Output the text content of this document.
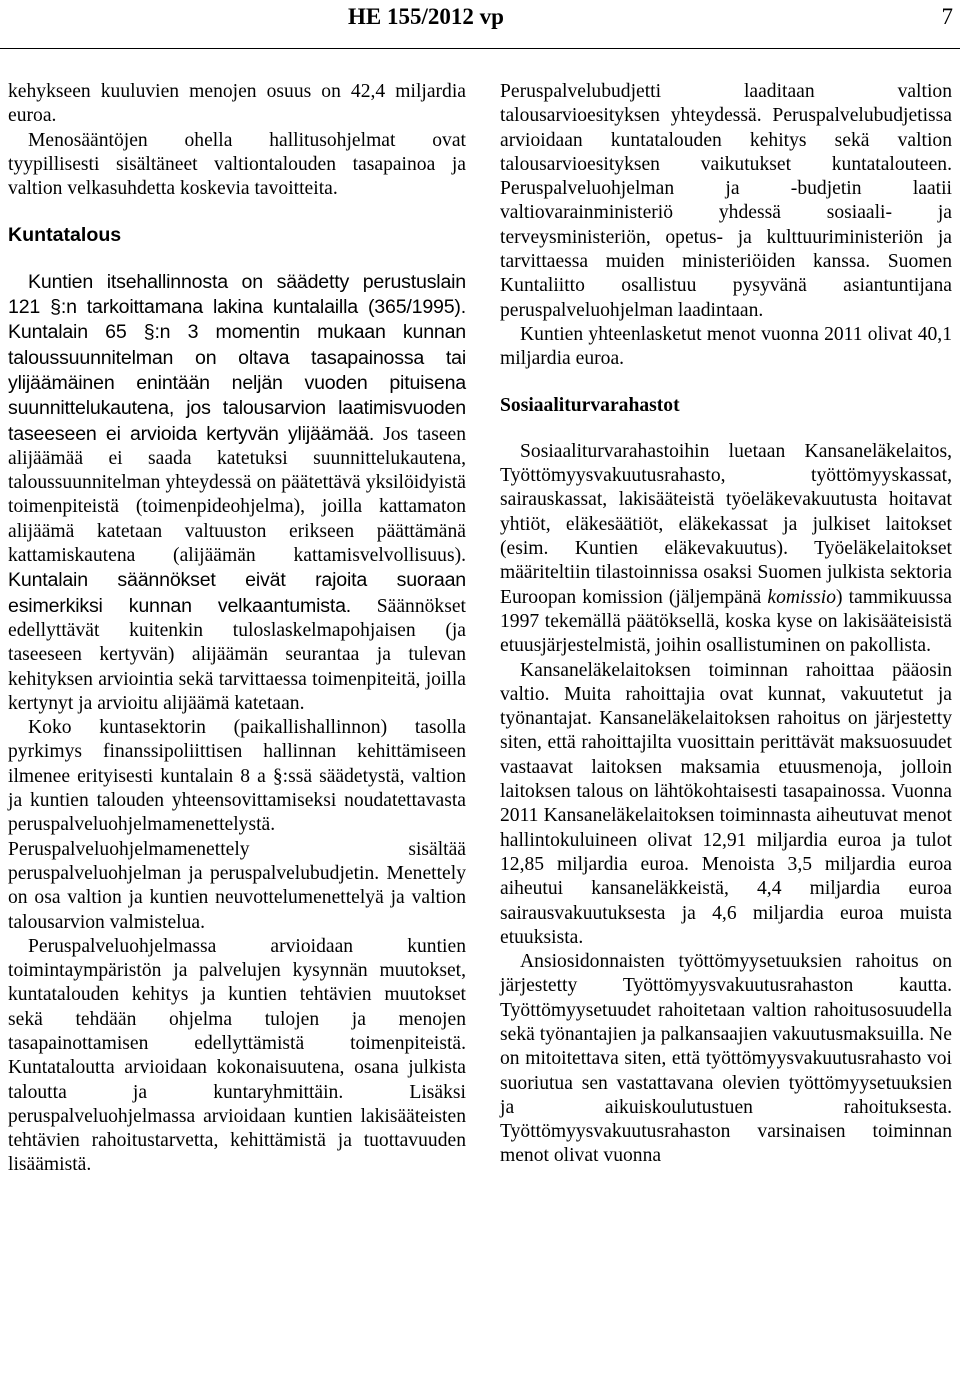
HE 155/2012 vp	7

kehykseen kuuluvien menojen osuus on 42,4 miljardia euroa.

Menosääntöjen ohella hallitusohjelmat ovat tyypillisesti sisältäneet valtiontalouden tasapainoa ja valtion velkasuhdetta koskevia tavoitteita.

Kuntatalous

Kuntien itsehallinnosta on säädetty perustuslain 121 §:n tarkoittamana lakina kuntalailla (365/1995). Kuntalain 65 §:n 3 momentin mukaan kunnan taloussuunnitelman on oltava tasapainossa tai ylijäämäinen enintään neljän vuoden pituisena suunnittelukautena, jos talousarvion laatimisvuoden taseeseen ei arvioida kertyvän ylijäämää. Jos taseen alijäämää ei saada katetuksi suunnittelukautena, taloussuunnitelman yhteydessä on päätettävä yksilöidyistä toimenpiteistä (toimenpideohjelma), joilla kattamaton alijäämä katetaan valtuuston erikseen päättämänä kattamiskautena (alijäämän kattamisvelvollisuus). Kuntalain säännökset eivät rajoita suoraan esimerkiksi kunnan velkaantumista. Säännökset edellyttävät kuitenkin tuloslaskelmapohjaisen (ja taseeseen kertyvän) alijäämän seurantaa ja tulevan kehityksen arviointia sekä tarvittaessa toimenpiteitä, joilla kertynyt ja arvioitu alijäämä katetaan.

Koko kuntasektorin (paikallishallinnon) tasolla pyrkimys finanssipoliittisen hallinnan kehittämiseen ilmenee erityisesti kuntalain 8 a §:ssä säädetystä, valtion ja kuntien talouden yhteensovittamiseksi noudatettavasta peruspalveluohjelmamenettelystä. Peruspalveluohjelmamenettely sisältää peruspalveluohjelman ja peruspalvelubudjetin. Menettely on osa valtion ja kuntien neuvottelumenettelyä ja valtion talousarvion valmistelua.

Peruspalveluohjelmassa arvioidaan kuntien toimintaympäristön ja palvelujen kysynnän muutokset, kuntatalouden kehitys ja kuntien tehtävien muutokset sekä tehdään ohjelma tulojen ja menojen tasapainottamisen edellyttämistä toimenpiteistä. Kuntataloutta arvioidaan kokonaisuutena, osana julkista taloutta ja kuntaryhmittäin. Lisäksi peruspalveluohjelmassa arvioidaan kuntien lakisääteisten tehtävien rahoitustarvetta, kehittämistä ja tuottavuuden lisäämistä.

Peruspalvelubudjetti laaditaan valtion talousarvioesityksen yhteydessä. Peruspalvelubudjetissa arvioidaan kuntatalouden kehitys sekä valtion talousarvioesityksen vaikutukset kuntatalouteen. Peruspalveluohjelman ja -budjetin laatii valtiovarainministeriö yhdessä sosiaali- ja terveysministeriön, opetus- ja kulttuuriministeriön ja tarvittaessa muiden ministeriöiden kanssa. Suomen Kuntaliitto osallistuu pysyvänä asiantuntijana peruspalveluohjelman laadintaan.

Kuntien yhteenlasketut menot vuonna 2011 olivat 40,1 miljardia euroa.

Sosiaaliturvarahastot

Sosiaaliturvarahastoihin luetaan Kansaneläkelaitos, Työttömyysvakuutusrahasto, työttömyyskassat, sairauskassat, lakisääteistä työeläkevakuutusta hoitavat yhtiöt, eläkesäätiöt, eläkekassat ja julkiset laitokset (esim. Kuntien eläkevakuutus). Työeläkelaitokset määriteltiin tilastoinnissa osaksi Suomen julkista sektoria Euroopan komission (jäljempänä komissio) tammikuussa 1997 tekemällä päätöksellä, koska kyse on lakisääteisistä etuusjärjestelmistä, joihin osallistuminen on pakollista.

Kansaneläkelaitoksen toiminnan rahoittaa pääosin valtio. Muita rahoittajia ovat kunnat, vakuutetut ja työnantajat. Kansaneläkelaitoksen rahoitus on järjestetty siten, että rahoittajilta vuosittain perittävät maksuosuudet vastaavat laitoksen maksamia etuusmenoja, jolloin laitoksen talous on lähtökohtaisesti tasapainossa. Vuonna 2011 Kansaneläkelaitoksen toiminnasta aiheutuvat menot hallintokuluineen olivat 12,91 miljardia euroa ja tulot 12,85 miljardia euroa. Menoista 3,5 miljardia euroa aiheutui kansaneläkkeistä, 4,4 miljardia euroa sairausvakuutuksesta ja 4,6 miljardia euroa muista etuuksista.

Ansiosidonnaisten työttömyysetuuksien rahoitus on järjestetty Työttömyysvakuutusrahaston kautta. Työttömyysetuudet rahoitetaan valtion rahoitusosuudella sekä työnantajien ja palkansaajien vakuutusmaksuilla. Ne on mitoitettava siten, että työttömyysvakuutusrahasto voi suoriutua sen vastattavana olevien työttömyysetuuksien ja aikuiskoulutustuen rahoituksesta. Työttömyysvakuutusrahaston varsinaisen toiminnan menot olivat vuonna
